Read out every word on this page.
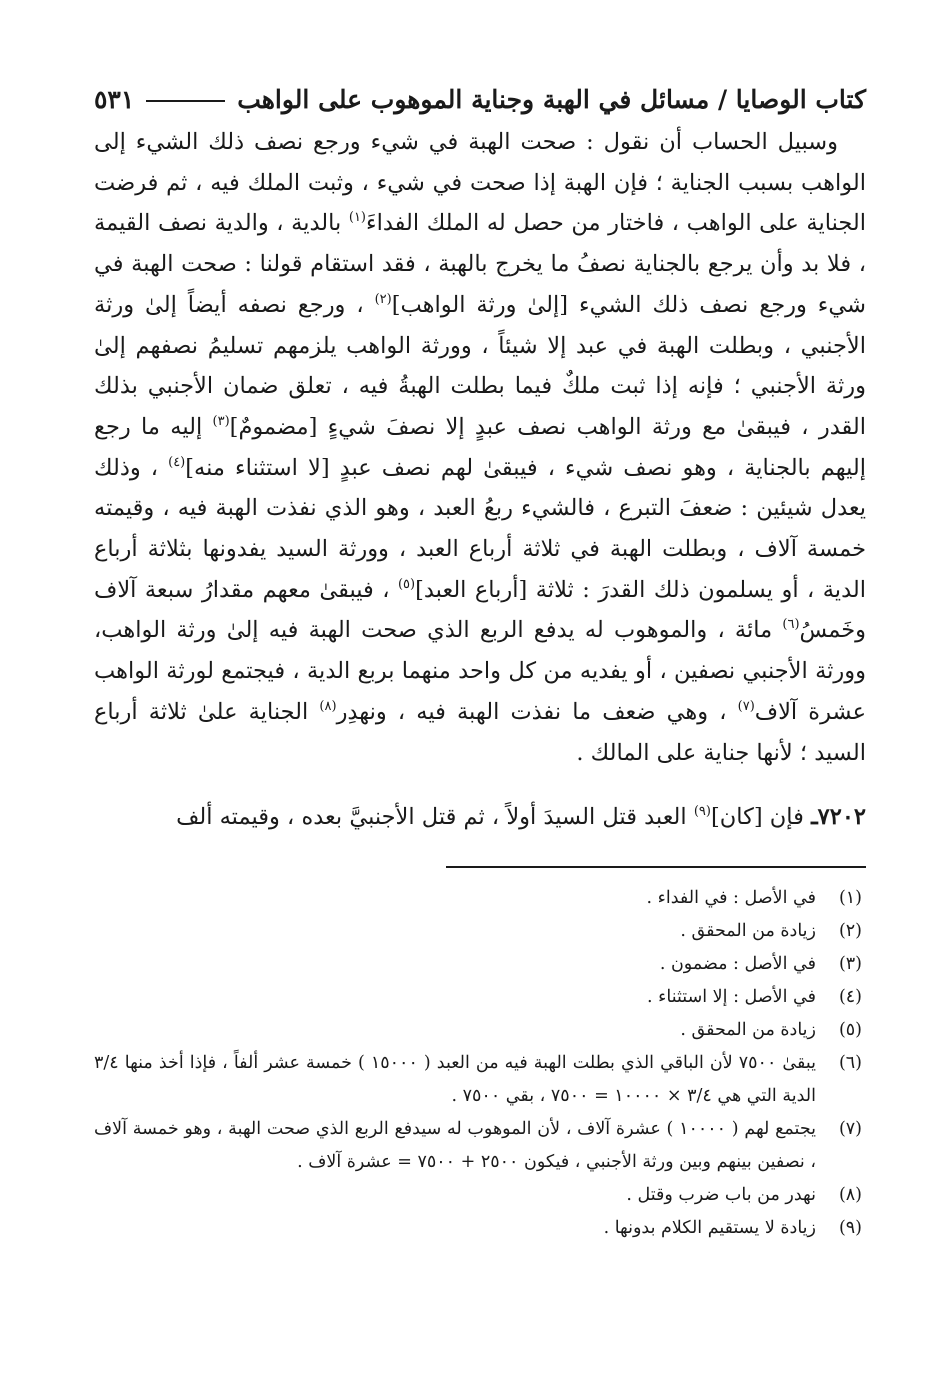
كتاب الوصايا / مسائل في الهبة وجناية الموهوب على الواهب
٥٣١

وسبيل الحساب أن نقول : صحت الهبة في شيء ورجع نصف ذلك الشيء إلى الواهب بسبب الجناية ؛ فإن الهبة إذا صحت في شيء ، وثبت الملك فيه ، ثم فرضت الجناية على الواهب ، فاختار من حصل له الملك الفداءَ$^{(١)}$ بالدية ، والدية نصف القيمة ، فلا بد وأن يرجع بالجناية نصفُ ما يخرج بالهبة ، فقد استقام قولنا : صحت الهبة في شيء ورجع نصف ذلك الشيء [إلىٰ ورثة الواهب]$^{(٢)}$ ، ورجع نصفه أيضاً إلىٰ ورثة الأجنبي ، وبطلت الهبة في عبد إلا شيئاً ، وورثة الواهب يلزمهم تسليمُ نصفهم إلىٰ ورثة الأجنبي ؛ فإنه إذا ثبت ملكٌ فيما بطلت الهبةُ فيه ، تعلق ضمان الأجنبي بذلك القدر ، فيبقىٰ مع ورثة الواهب نصف عبدٍ إلا نصفَ شيءٍ [مضمومٌ]$^{(٣)}$ إليه ما رجع إليهم بالجناية ، وهو نصف شيء ، فيبقىٰ لهم نصف عبدٍ [لا استثناء منه]$^{(٤)}$ ، وذلك يعدل شيئين : ضعفَ التبرع ، فالشيء ربعُ العبد ، وهو الذي نفذت الهبة فيه ، وقيمته خمسة آلاف ، وبطلت الهبة في ثلاثة أرباع العبد ، وورثة السيد يفدونها بثلاثة أرباع الدية ، أو يسلمون ذلك القدرَ : ثلاثة [أرباع العبد]$^{(٥)}$ ، فيبقىٰ معهم مقدارُ سبعة آلاف وخَمسُ$^{(٦)}$ مائة ، والموهوب له يدفع الربع الذي صحت الهبة فيه إلىٰ ورثة الواهب، وورثة الأجنبي نصفين ، أو يفديه من كل واحد منهما بربع الدية ، فيجتمع لورثة الواهب عشرة آلاف$^{(٧)}$ ، وهي ضعف ما نفذت الهبة فيه ، ونهدِر$^{(٨)}$ الجناية علىٰ ثلاثة أرباع السيد ؛ لأنها جناية على المالك .

٧٢٠٢ـ فإن [كان]$^{(٩)}$ العبد قتل السيدَ أولاً ، ثم قتل الأجنبيَّ بعده ، وقيمته ألف

(١)
في الأصل : في الفداء .
(٢)
زيادة من المحقق .
(٣)
في الأصل : مضمون .
(٤)
في الأصل : إلا استثناء .
(٥)
زيادة من المحقق .
(٦)
يبقىٰ ٧٥٠٠ لأن الباقي الذي بطلت الهبة فيه من العبد ( ١٥٠٠٠ ) خمسة عشر ألفاً ، فإذا أخذ منها ٣/٤ الدية التي هي ٣/٤ × ١٠٠٠٠ = ٧٥٠٠ ، بقي ٧٥٠٠ .
(٧)
يجتمع لهم ( ١٠٠٠٠ ) عشرة آلاف ، لأن الموهوب له سيدفع الربع الذي صحت الهبة ، وهو خمسة آلاف ، نصفين بينهم وبين ورثة الأجنبي ، فيكون ٢٥٠٠ + ٧٥٠٠ = عشرة آلاف .
(٨)
نهدر من باب ضرب وقتل .
(٩)
زيادة لا يستقيم الكلام بدونها .
